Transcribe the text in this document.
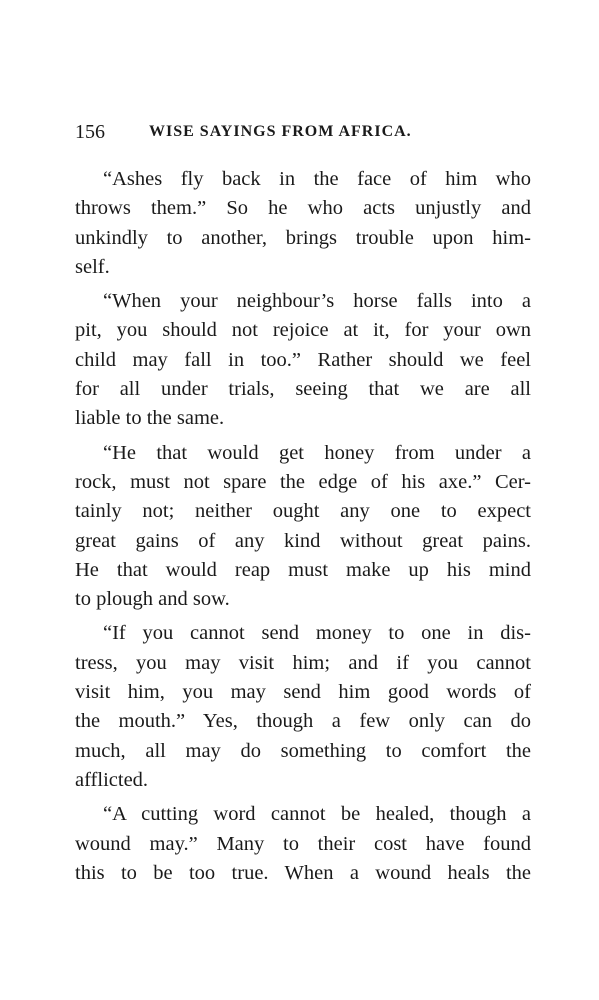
156	WISE SAYINGS FROM AFRICA.
“Ashes fly back in the face of him who
throws them.” So he who acts unjustly and
unkindly to another, brings trouble upon him-
self.
“When your neighbour’s horse falls into a
pit, you should not rejoice at it, for your own
child may fall in too.” Rather should we feel
for all under trials, seeing that we are all
liable to the same.
“He that would get honey from under a
rock, must not spare the edge of his axe.” Cer-
tainly not; neither ought any one to expect
great gains of any kind without great pains.
He that would reap must make up his mind
to plough and sow.
“If you cannot send money to one in dis-
tress, you may visit him; and if you cannot
visit him, you may send him good words of
the mouth.” Yes, though a few only can do
much, all may do something to comfort the
afflicted.
“A cutting word cannot be healed, though a
wound may.” Many to their cost have found
this to be too true. When a wound heals the
